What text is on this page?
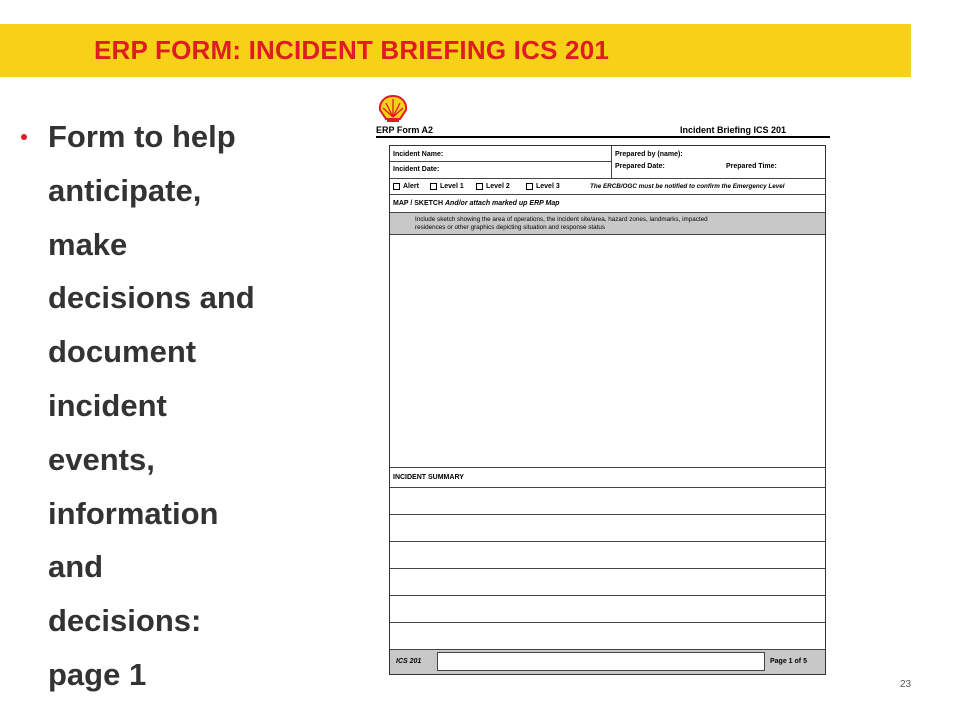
ERP FORM: INCIDENT BRIEFING ICS 201
Form to help
anticipate,
make
decisions and
document
incident
events,
information
and
decisions:
page 1
ERP Form A2	Incident Briefing ICS 201
Incident Name:
Incident Date:
Prepared by (name):
Prepared Date:	Prepared Time:
Alert	Level 1	Level 2	Level 3	The ERCB/OGC must be notified to confirm the Emergency Level
MAP / SKETCH And/or attach marked up ERP Map
Include sketch showing the area of operations, the incident site/area, hazard zones, landmarks, impacted
residences or other graphics depicting situation and response status
INCIDENT SUMMARY
ICS 201	Page 1 of 5
23
